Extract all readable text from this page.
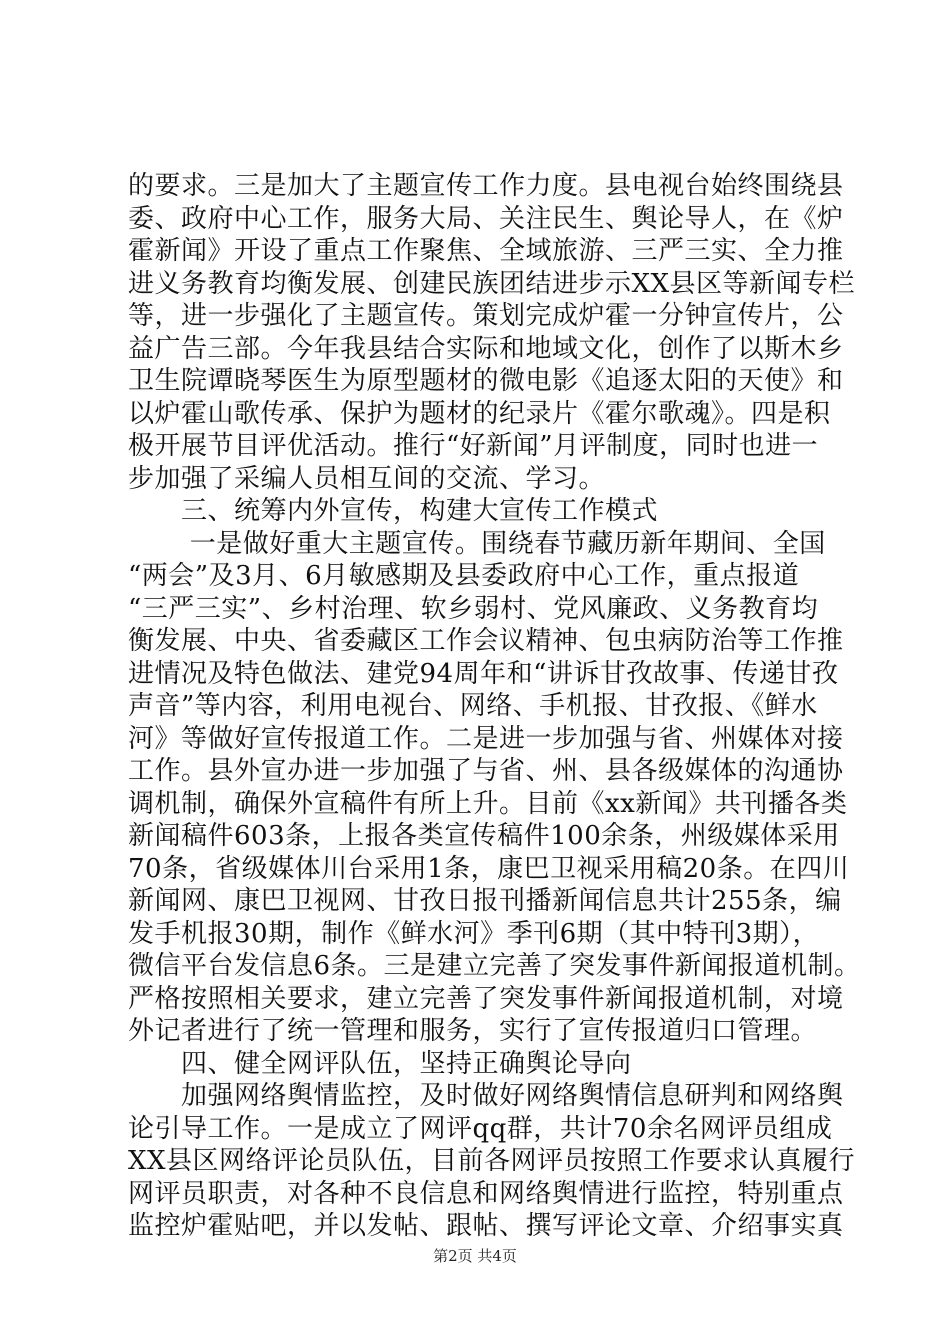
的要求。三是加大了主题宣传工作力度。县电视台始终围绕县
委、政府中心工作，服务大局、关注民生、舆论导人，在《炉
霍新闻》开设了重点工作聚焦、全域旅游、三严三实、全力推
进义务教育均衡发展、创建民族团结进步示XX县区等新闻专栏
等，进一步强化了主题宣传。策划完成炉霍一分钟宣传片，公
益广告三部。今年我县结合实际和地域文化，创作了以斯木乡
卫生院谭晓琴医生为原型题材的微电影《追逐太阳的天使》和
以炉霍山歌传承、保护为题材的纪录片《霍尔歌魂》。四是积
极开展节目评优活动。推行“好新闻”月评制度，同时也进一
步加强了采编人员相互间的交流、学习。
　　三、统筹内外宣传，构建大宣传工作模式
　　 一是做好重大主题宣传。围绕春节藏历新年期间、全国
“两会”及3月、6月敏感期及县委政府中心工作，重点报道
“三严三实”、乡村治理、软乡弱村、党风廉政、义务教育均
衡发展、中央、省委藏区工作会议精神、包虫病防治等工作推
进情况及特色做法、建党94周年和“讲诉甘孜故事、传递甘孜
声音”等内容，利用电视台、网络、手机报、甘孜报、《鲜水
河》等做好宣传报道工作。二是进一步加强与省、州媒体对接
工作。县外宣办进一步加强了与省、州、县各级媒体的沟通协
调机制，确保外宣稿件有所上升。目前《xx新闻》共刊播各类
新闻稿件603条，上报各类宣传稿件100余条，州级媒体采用
70条，省级媒体川台采用1条，康巴卫视采用稿20条。在四川
新闻网、康巴卫视网、甘孜日报刊播新闻信息共计255条，编
发手机报30期，制作《鲜水河》季刊6期（其中特刊3期），
微信平台发信息6条。三是建立完善了突发事件新闻报道机制。
严格按照相关要求，建立完善了突发事件新闻报道机制，对境
外记者进行了统一管理和服务，实行了宣传报道归口管理。
　　四、健全网评队伍，坚持正确舆论导向
　　加强网络舆情监控，及时做好网络舆情信息研判和网络舆
论引导工作。一是成立了网评qq群，共计70余名网评员组成
XX县区网络评论员队伍，目前各网评员按照工作要求认真履行
网评员职责，对各种不良信息和网络舆情进行监控，特别重点
监控炉霍贴吧，并以发帖、跟帖、撰写评论文章、介绍事实真
第2页 共4页
